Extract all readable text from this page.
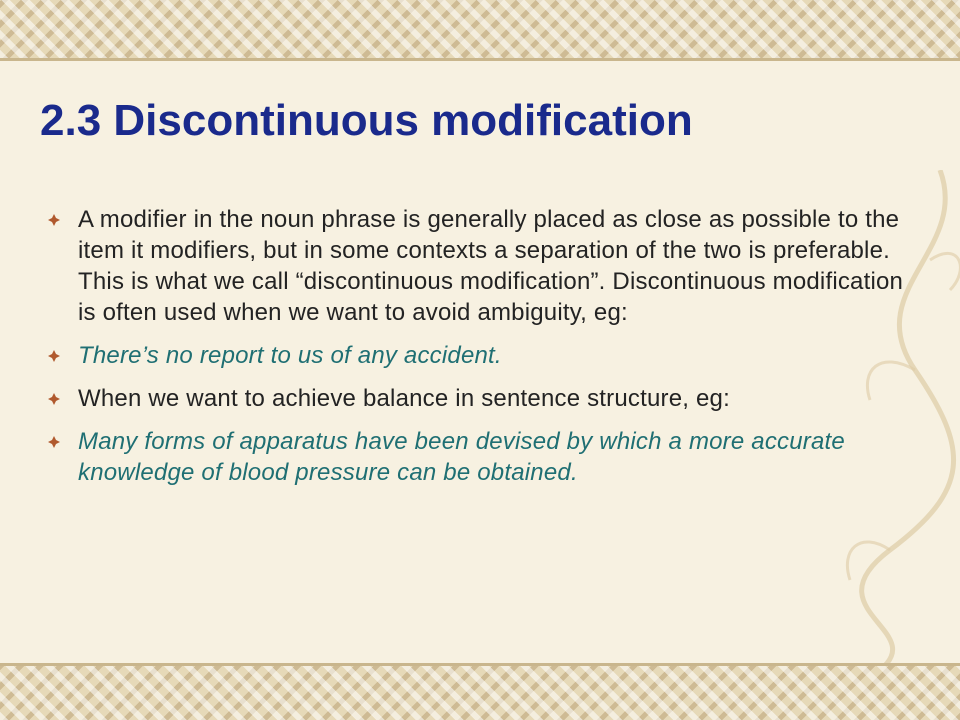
2.3 Discontinuous modification
A modifier in the noun phrase is generally placed as close as possible to the item it modifiers, but in some contexts a separation of the two is preferable. This is what we call “discontinuous modification”. Discontinuous modification is often used when we want to avoid ambiguity, eg:
There’s no report to us of any accident.
When we want to achieve balance in sentence structure, eg:
Many forms of apparatus have been devised by which a more accurate knowledge of blood pressure can be obtained.
